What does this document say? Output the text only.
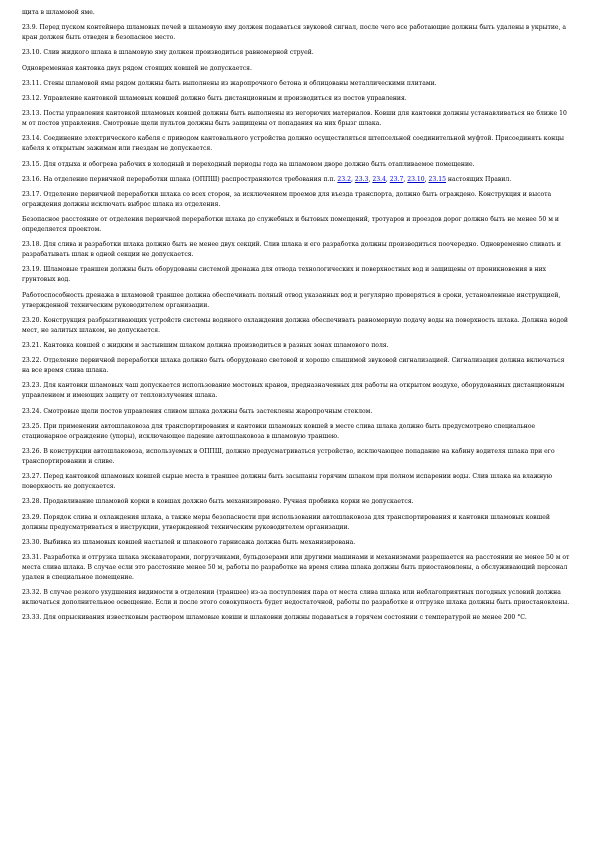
щита в шламовой яме.

23.9. Перед пуском контейнера шламовых печей в шламовую яму должен подаваться звуковой сигнал, после чего все работающие должны быть удалены в укрытие, а кран должен быть отведен в безопасное место.

23.10. Слив жидкого шлака в шламовую яму должен производиться равномерной струей.

Одновременная кантовка двух рядом стоящих ковшей не допускается.

23.11. Стены шламовой ямы рядом должны быть выполнены из жаропрочного бетона и облицованы металлическими плитами.

23.12. Управление кантовкой шламовых ковшей должно быть дистанционным и производиться из постов управления.

23.13. Посты управления кантовкой шламовых ковшей должны быть выполнены из негорючих материалов. Ковши для кантовки должны устанавливаться не ближе 10 м от постов управления. Смотровые щели пультов должны быть защищены от попадания на них брызг шлака.

23.14. Соединение электрического кабеля с приводом кантовального устройства должно осуществляться штепсельной соединительной муфтой. Присоединять концы кабеля к открытым зажимам или гнездам не допускается.

23.15. Для отдыха и обогрева рабочих в холодный и переходный периоды года на шламовом дворе должно быть отапливаемое помещение.

23.16. На отделение первичной переработки шлака (ОППШ) распространяются требования п.п. 23.2, 23.3, 23.4, 23.7, 23.10, 23.15 настоящих Правил.

23.17. Отделение первичной переработки шлака со всех сторон, за исключением проемов для въезда транспорта, должно быть ограждено. Конструкция и высота ограждения должны исключать выброс шлака из отделения.

Безопасное расстояние от отделения первичной переработки шлака до служебных и бытовых помещений, тротуаров и проездов дорог должно быть не менее 50 м и определяется проектом.

23.18. Для слива и разработки шлака должно быть не менее двух секций. Слив шлака и его разработка должны производиться поочередно. Одновременно сливать и разрабатывать шлак в одной секции не допускается.

23.19. Шламовые траншеи должны быть оборудованы системой дренажа для отвода технологических и поверхностных вод и защищены от проникновения в них грунтовых вод.

Работоспособность дренажа в шламовой траншее должна обеспечивать полный отвод указанных вод и регулярно проверяться в сроки, установленные инструкцией, утвержденной техническим руководителем организации.

23.20. Конструкция разбрызгивающих устройств системы водяного охлаждения должна обеспечивать равномерную подачу воды на поверхность шлака. Должна водой мест, не залитых шлаком, не допускается.

23.21. Кантовка ковшей с жидким и застывшим шлаком должна производиться в разных зонах шламового поля.

23.22. Отделение первичной переработки шлака должно быть оборудовано световой и хорошо слышимой звуковой сигнализацией. Сигнализация должна включаться на все время слива шлака.

23.23. Для кантовки шламовых чаш допускается использование мостовых кранов, предназначенных для работы на открытом воздухе, оборудованных дистанционным управлением и имеющих защиту от теплоизлучения шлака.

23.24. Смотровые щели постов управления сливом шлака должны быть застеклены жаропрочным стеклом.

23.25. При применении автошлаковоза для транспортирования и кантовки шламовых ковшей в месте слива шлака должно быть предусмотрено специальное стационарное ограждение (упоры), исключающее падение автошлаковоза в шламовую траншею.

23.26. В конструкции автошлаковоза, используемых в ОППШ, должно предусматриваться устройство, исключающее попадание на кабину водителя шлака при его транспортировании и сливе.

23.27. Перед кантовкой шламовых ковшей сырые места в траншее должны быть засыпаны горячим шлаком при полном испарении воды. Слив шлака на влажную поверхность не допускается.

23.28. Продавливание шламовой корки в ковшах должно быть механизировано. Ручная пробивка корки не допускается.

23.29. Порядок слива и охлаждения шлака, а также меры безопасности при использовании автошлаковоза для транспортирования и кантовки шламовых ковшей должны предусматриваться в инструкции, утвержденной техническим руководителем организации.

23.30. Выбивка из шламовых ковшей настылей и шлакового гарнисажа должна быть механизирована.

23.31. Разработка и отгрузка шлака экскаваторами, погрузчиками, бульдозерами или другими машинами и механизмами разрешается на расстоянии не менее 50 м от места слива шлака. В случае если это расстояние менее 50 м, работы по разработке на время слива шлака должны быть приостановлены, а обслуживающий персонал удален в специальное помещение.

23.32. В случае резкого ухудшения видимости в отделении (траншее) из-за поступления пара от места слива шлака или неблагоприятных погодных условий должна включаться дополнительное освещение. Если и после этого совокупность будет недостаточной, работы по разработке и отгрузке шлака должны быть приостановлены.

23.33. Для опрыскивания известковым раствором шламовые ковши и шлаковни должны подаваться в горячем состоянии с температурой не менее 200 °С.
